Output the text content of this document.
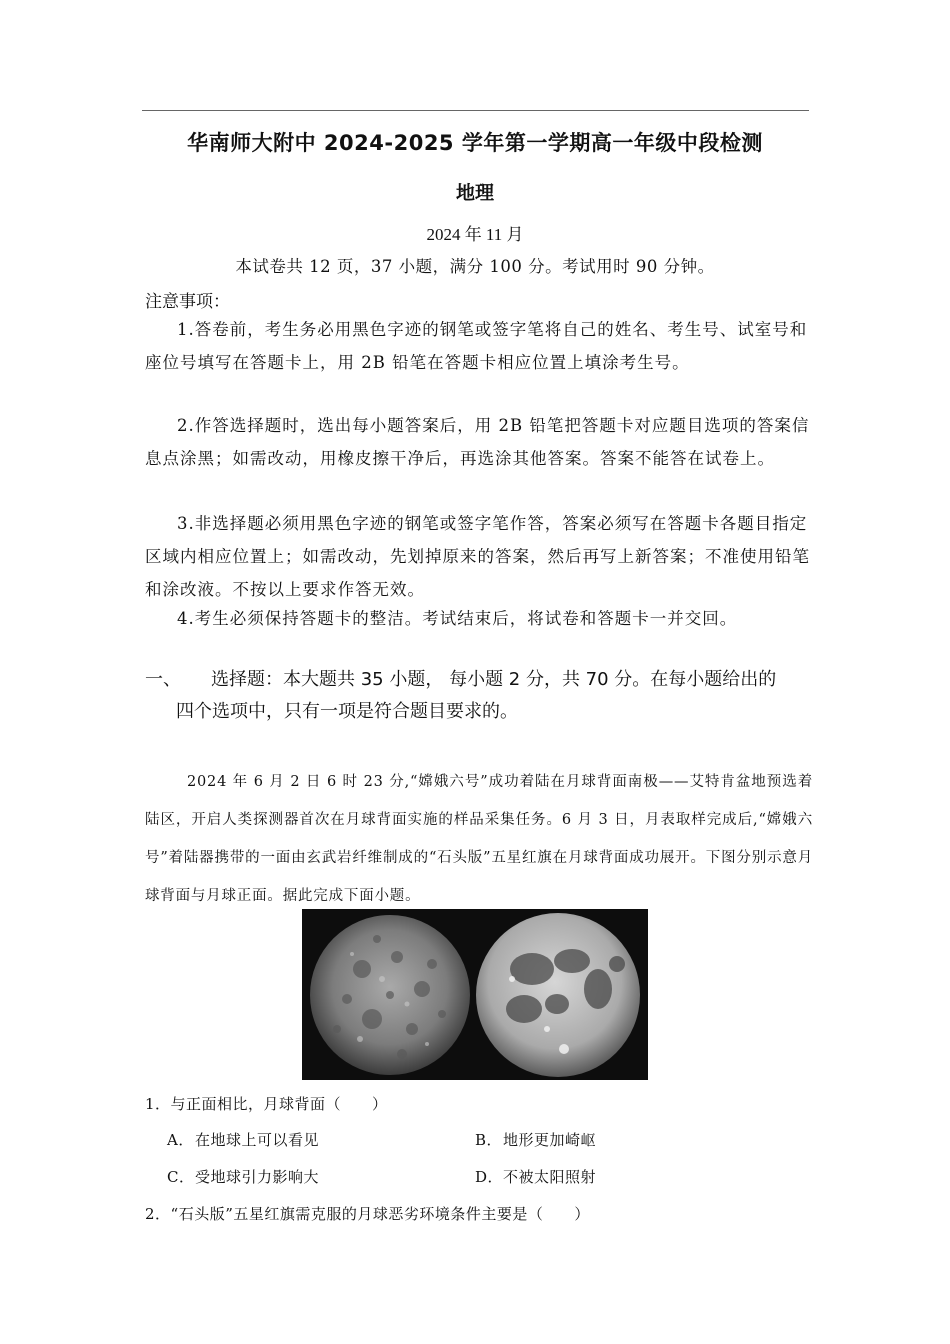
华南师大附中 2024-2025 学年第一学期高一年级中段检测
地理
2024 年 11 月
本试卷共 12 页，37 小题，满分 100 分。考试用时 90 分钟。
注意事项：
1.答卷前，考生务必用黑色字迹的钢笔或签字笔将自己的姓名、考生号、试室号和座位号填写在答题卡上，用 2B 铅笔在答题卡相应位置上填涂考生号。
2.作答选择题时，选出每小题答案后，用 2B 铅笔把答题卡对应题目选项的答案信息点涂黑；如需改动，用橡皮擦干净后，再选涂其他答案。答案不能答在试卷上。
3.非选择题必须用黑色字迹的钢笔或签字笔作答，答案必须写在答题卡各题目指定区域内相应位置上；如需改动，先划掉原来的答案，然后再写上新答案；不准使用铅笔和涂改液。不按以上要求作答无效。
4.考生必须保持答题卡的整洁。考试结束后，将试卷和答题卡一并交回。
一、 选择题：本大题共 35 小题， 每小题 2 分，共 70 分。在每小题给出的
四个选项中，只有一项是符合题目要求的。
2024 年 6 月 2 日 6 时 23 分,“嫦娥六号”成功着陆在月球背面南极——艾特肯盆地预选着陆区，开启人类探测器首次在月球背面实施的样品采集任务。6 月 3 日，月表取样完成后,“嫦娥六号”着陆器携带的一面由玄武岩纤维制成的“石头版”五星红旗在月球背面成功展开。下图分别示意月球背面与月球正面。据此完成下面小题。
1．与正面相比，月球背面（　　）
A．在地球上可以看见	B．地形更加崎岖
C．受地球引力影响大	D．不被太阳照射
2．“石头版”五星红旗需克服的月球恶劣环境条件主要是（　　）
